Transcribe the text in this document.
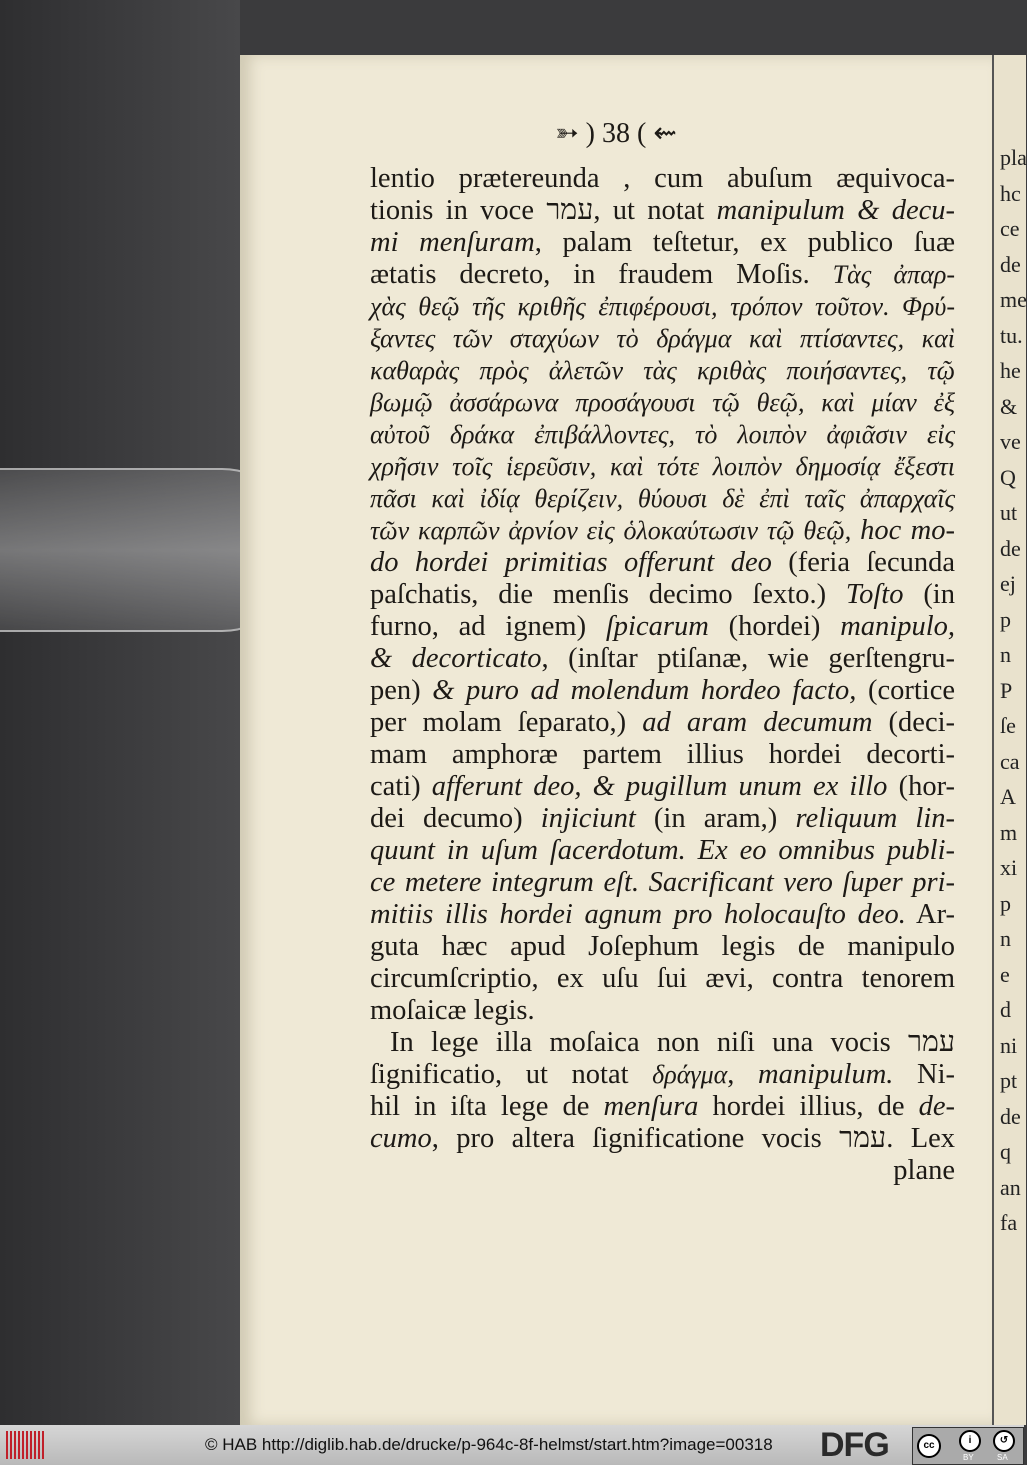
➳ ) 38 ( ⇜
lentio prætereunda , cum abuſum æquivoca-
tionis in voce עמר, ut notat manipulum & decu-
mi menſuram, palam teſtetur, ex publico ſuæ
ætatis decreto, in fraudem Moſis. Τὰς ἀπαρ-
χὰς θεῷ τῆς κριθῆς ἐπιφέρουσι, τρόπον τοῦτον. Φρύ-
ξαντες τῶν σταχύων τὸ δράγμα καὶ πτίσαντες, καὶ
καθαρὰς πρὸς ἀλετῶν τὰς κριθὰς ποιήσαντες, τῷ
βωμῷ ἀσσάρωνα προσάγουσι τῷ θεῷ, καὶ μίαν ἐξ
αὐτοῦ δράκα ἐπιβάλλοντες, τὸ λοιπὸν ἀφιᾶσιν εἰς
χρῆσιν τοῖς ἱερεῦσιν, καὶ τότε λοιπὸν δημοσίᾳ ἔξεστι
πᾶσι καὶ ἰδίᾳ θερίζειν, θύουσι δὲ ἐπὶ ταῖς ἀπαρχαῖς
τῶν καρπῶν ἀρνίον εἰς ὁλοκαύτωσιν τῷ θεῷ, hoc mo-
do hordei primitias offerunt deo (feria ſecunda
paſchatis, die menſis decimo ſexto.) Toſto (in
furno, ad ignem) ſpicarum (hordei) manipulo,
& decorticato, (inſtar ptiſanæ, wie gerſtengru-
pen) & puro ad molendum hordeo facto, (cortice
per molam ſeparato,) ad aram decumum (deci-
mam amphoræ partem illius hordei decorti-
cati) afferunt deo, & pugillum unum ex illo (hor-
dei decumo) injiciunt (in aram,) reliquum lin-
quunt in uſum ſacerdotum. Ex eo omnibus publi-
ce metere integrum eſt. Sacrificant vero ſuper pri-
mitiis illis hordei agnum pro holocauſto deo. Ar-
guta hæc apud Joſephum legis de manipulo
circumſcriptio, ex uſu ſui ævi, contra tenorem
moſaicæ legis.
In lege illa moſaica non niſi una vocis עמר
ſignificatio, ut notat δράγμα, manipulum. Ni-
hil in iſta lege de menſura hordei illius, de de-
cumo, pro altera ſignificatione vocis עמר. Lex
plane
pla
hc
ce
de
me
tu.
he
&
ve
Q
ut
de
ej
p
n
P
ſe
ca
A
m
xi
p
n
e
d
ni
pt
de
q
an
fa
© HAB http://diglib.hab.de/drucke/p-964c-8f-helmst/start.htm?image=00318 DFG	cc	i	↺
BY	SA
